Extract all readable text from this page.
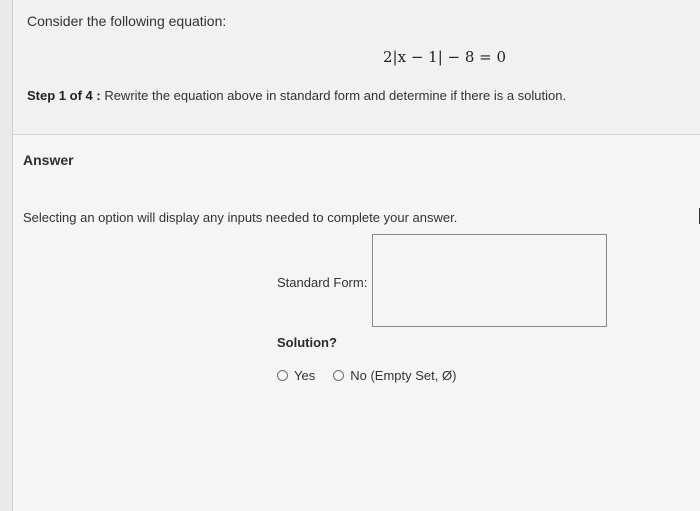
Consider the following equation:
2|x − 1| − 8 = 0
Step 1 of 4 : Rewrite the equation above in standard form and determine if there is a solution.
Answer
Selecting an option will display any inputs needed to complete your answer.
Standard Form:
Solution?
Yes	No (Empty Set, Ø)
